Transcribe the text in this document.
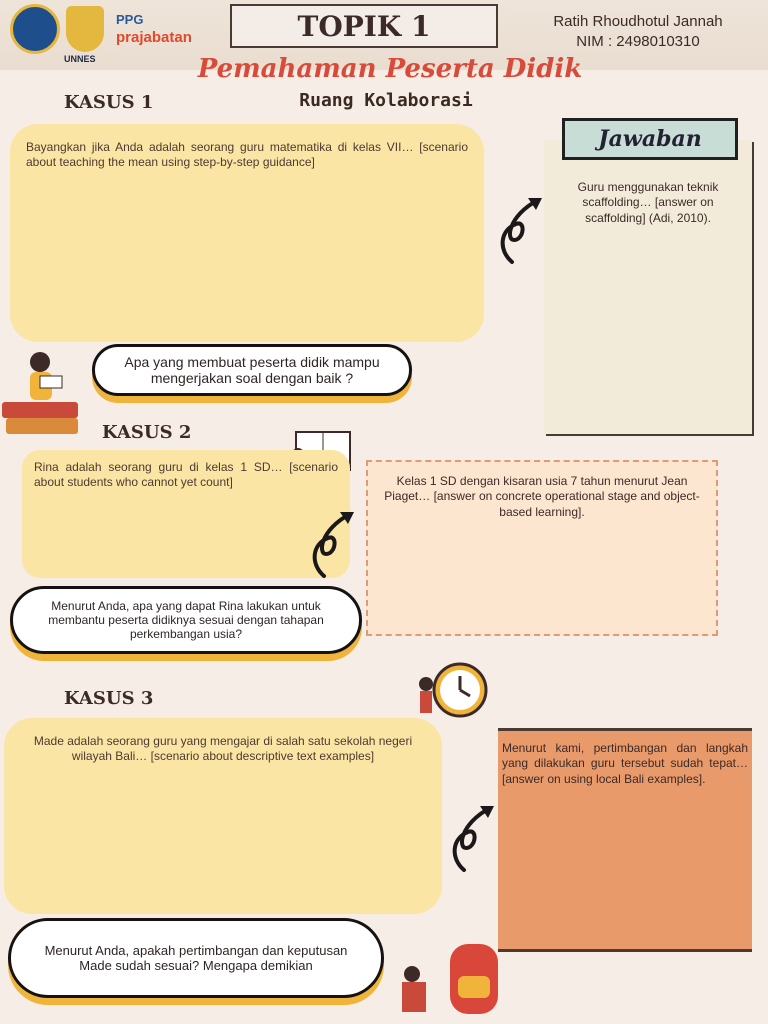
UNNES
PPG
prajabatan	TOPIK 1	Ratih Rhoudhotul Jannah
NIM : 2498010310
Pemahaman Peserta Didik
Ruang Kolaborasi
KASUS 1

Bayangkan jika Anda adalah seorang guru matematika di kelas VII… [scenario about teaching the mean using step-by-step guidance]

Apa yang membuat peserta didik mampu mengerjakan soal dengan baik ?

Guru menggunakan teknik scaffolding… [answer on scaffolding] (Adi, 2010).

Jawaban
KASUS 2

Rina adalah seorang guru di kelas 1 SD… [scenario about students who cannot yet count]

Menurut Anda, apa yang dapat Rina lakukan untuk membantu peserta didiknya sesuai dengan tahapan perkembangan usia?

Kelas 1 SD dengan kisaran usia 7 tahun menurut Jean Piaget… [answer on concrete operational stage and object-based learning].

KASUS 3

Made adalah seorang guru yang mengajar di salah satu sekolah negeri wilayah Bali… [scenario about descriptive text examples]

Menurut Anda, apakah pertimbangan dan keputusan Made sudah sesuai? Mengapa demikian

Menurut kami, pertimbangan dan langkah yang dilakukan guru tersebut sudah tepat… [answer on using local Bali examples].
